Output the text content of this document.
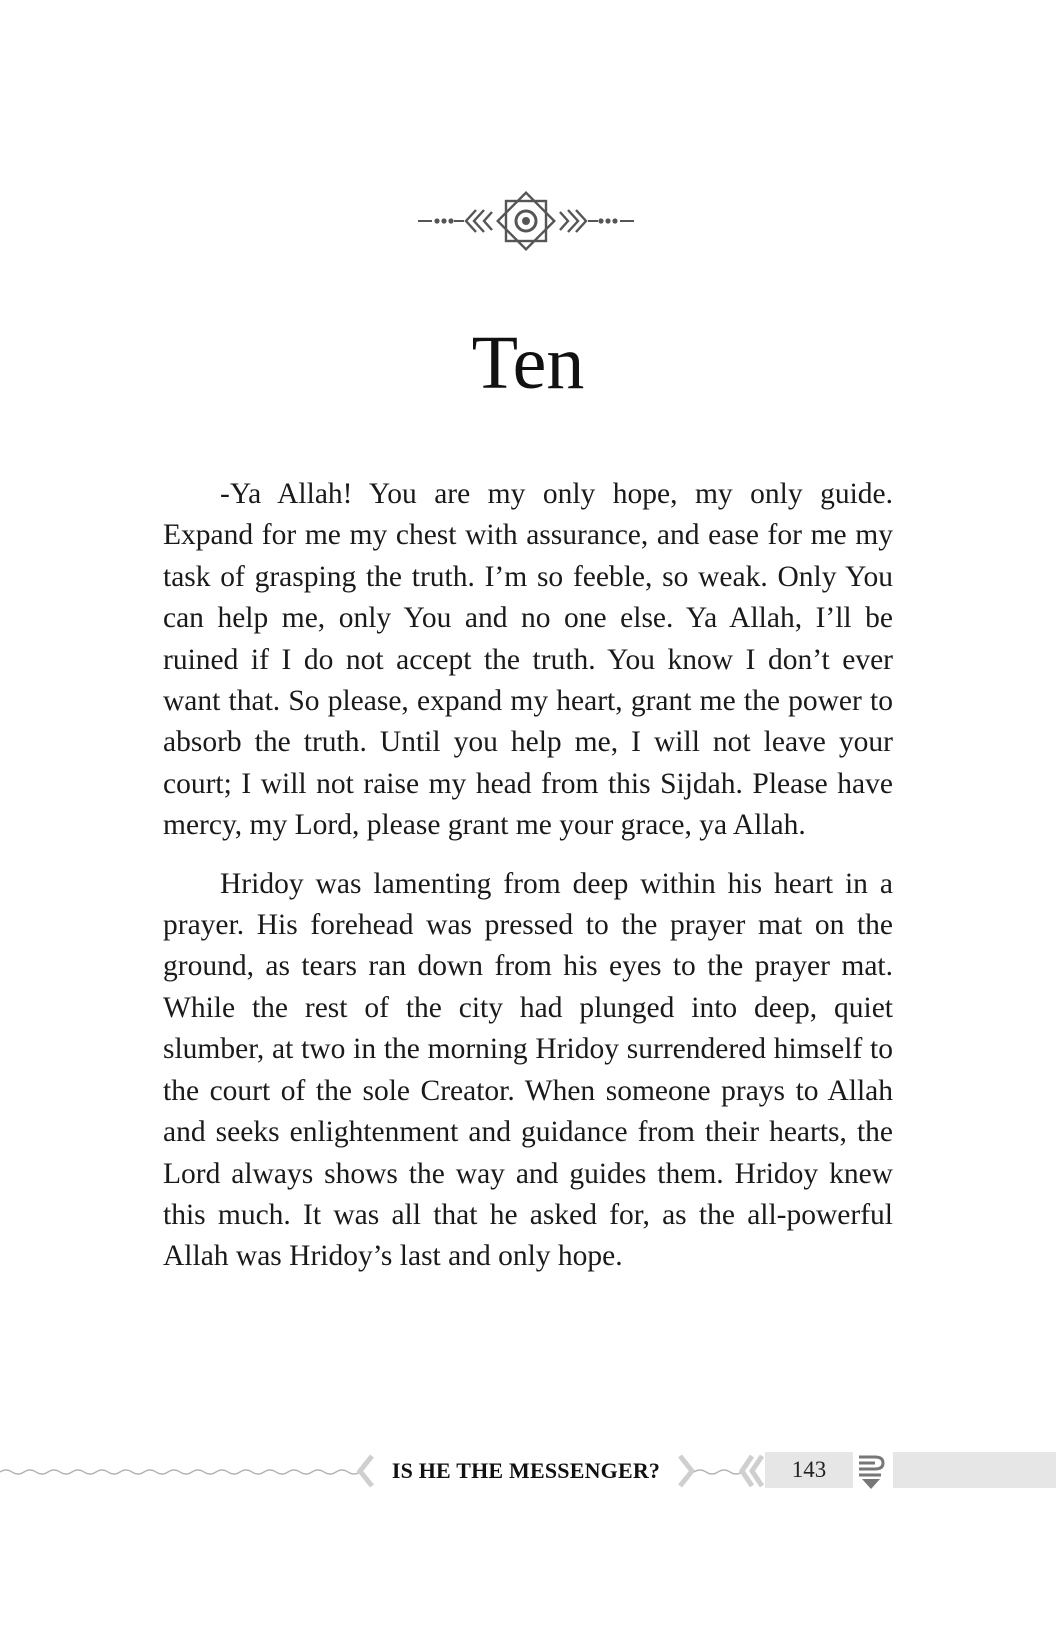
Ten

-Ya Allah! You are my only hope, my only guide. Expand for me my chest with assurance, and ease for me my task of grasping the truth. I’m so feeble, so weak. Only You can help me, only You and no one else. Ya Allah, I’ll be ruined if I do not accept the truth. You know I don’t ever want that. So please, expand my heart, grant me the power to absorb the truth. Until you help me, I will not leave your court; I will not raise my head from this Sijdah. Please have mercy, my Lord, please grant me your grace, ya Allah.

Hridoy was lamenting from deep within his heart in a prayer. His forehead was pressed to the prayer mat on the ground, as tears ran down from his eyes to the prayer mat. While the rest of the city had plunged into deep, quiet slumber, at two in the morning Hridoy surrendered himself to the court of the sole Creator. When someone prays to Allah and seeks enlightenment and guidance from their hearts, the Lord always shows the way and guides them. Hridoy knew this much. It was all that he asked for, as the all-powerful Allah was Hridoy’s last and only hope.

IS HE THE MESSENGER?	143
